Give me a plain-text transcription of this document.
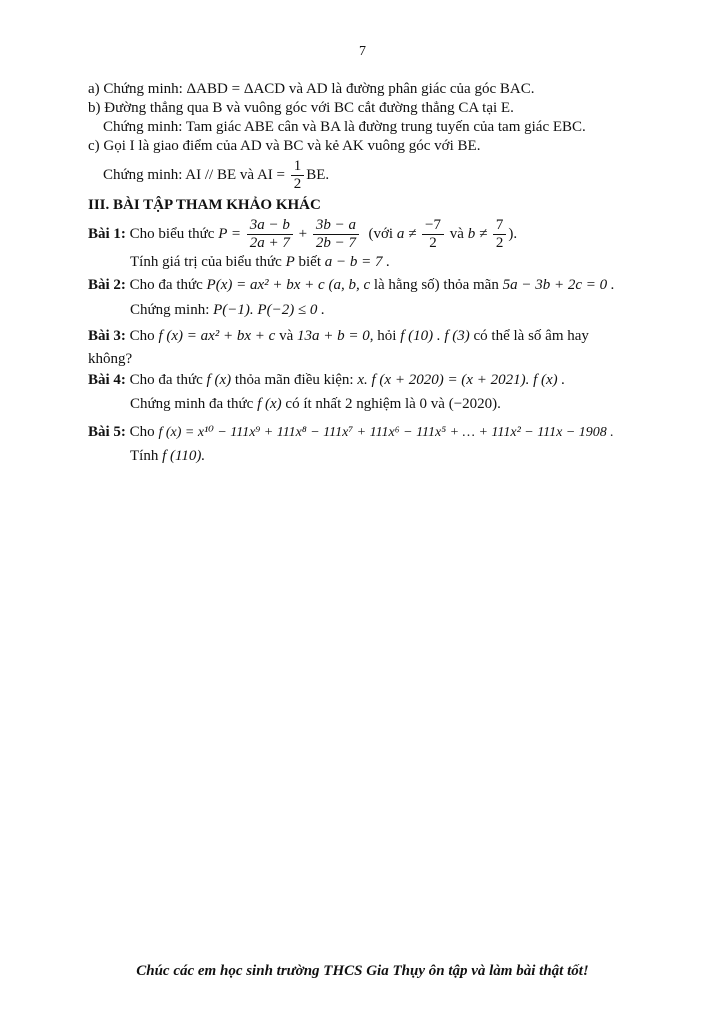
7
a) Chứng minh: ΔABD = ΔACD và AD là đường phân giác của góc BAC.
b) Đường thẳng qua B và vuông góc với BC cắt đường thẳng CA tại E.
Chứng minh: Tam giác ABE cân và BA là đường trung tuyến của tam giác EBC.
c) Gọi I là giao điểm của AD và BC và kẻ AK vuông góc với BE.
Chứng minh: AI // BE và AI = $\frac{1}{2}$ BE.
III. BÀI TẬP THAM KHẢO KHÁC
Bài 1: Cho biểu thức $P = \frac{3a - b}{2a + 7} + \frac{3b - a}{2b - 7}$ (với $a \ne \frac{-7}{2}$ và $b \ne \frac{7}{2}$ ).
Tính giá trị của biểu thức P biết a − b = 7 .
Bài 2: Cho đa thức P(x) = ax² + bx + c (a, b, c là hằng số) thỏa mãn 5a − 3b + 2c = 0 .
Chứng minh: P(−1). P(−2) ≤ 0 .
Bài 3: Cho f (x) = ax² + bx + c và 13a + b = 0, hỏi f (10) . f (3) có thể là số âm hay
không?
Bài 4: Cho đa thức f (x) thỏa mãn điều kiện: x. f (x + 2020) = (x + 2021). f (x) .
Chứng minh đa thức f (x) có ít nhất 2 nghiệm là 0 và (−2020).
Bài 5: Cho f (x) = x¹⁰ − 111x⁹ + 111x⁸ − 111x⁷ + 111x⁶ − 111x⁵ + … + 111x² − 111x − 1908 .
Tính f (110).
Chúc các em học sinh trường THCS Gia Thụy ôn tập và làm bài thật tốt!
